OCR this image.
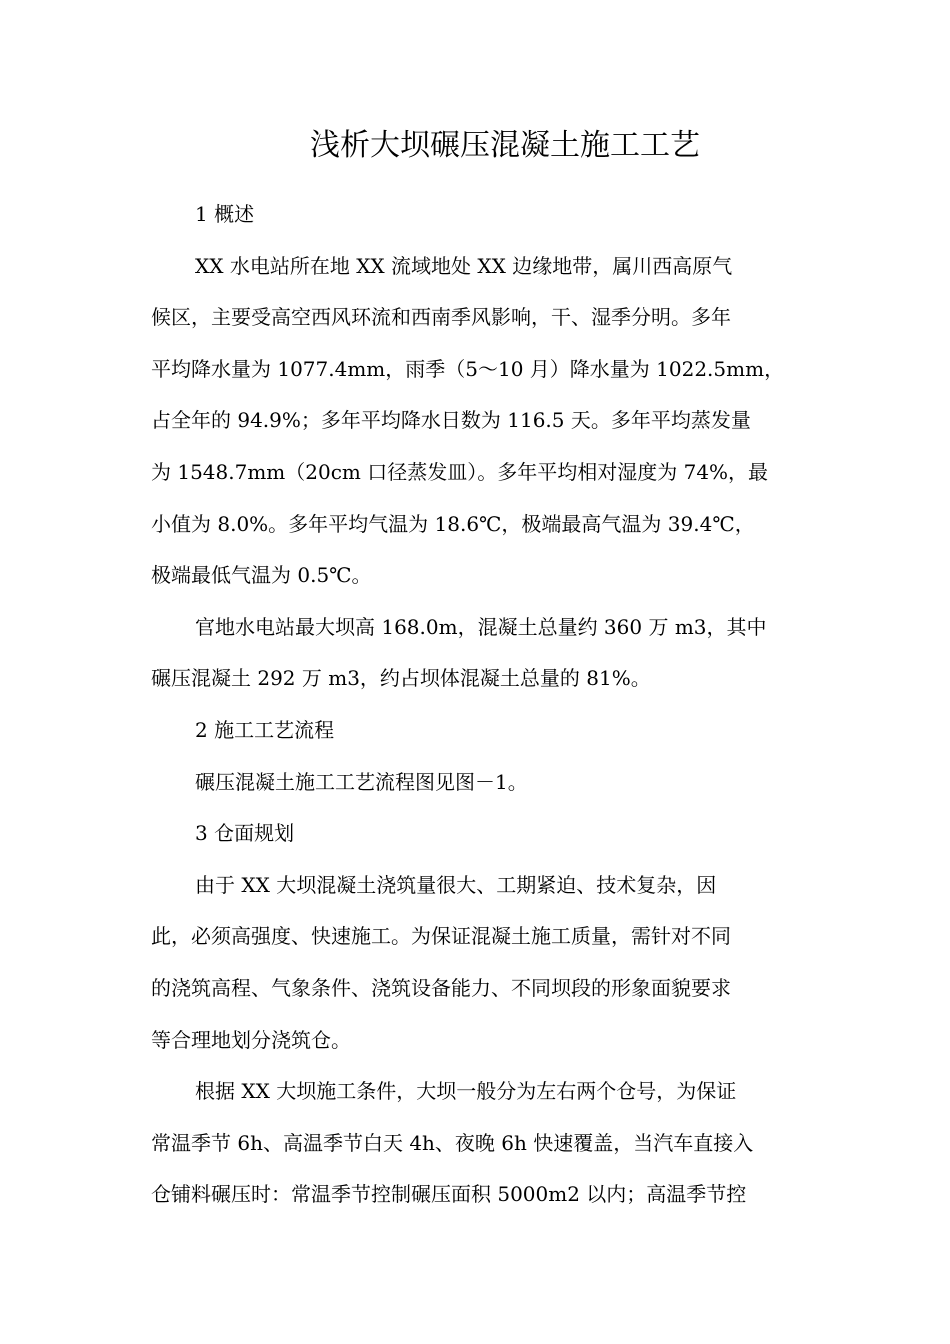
浅析大坝碾压混凝土施工工艺
1 概述
XX 水电站所在地 XX 流域地处 XX 边缘地带，属川西高原气
候区，主要受高空西风环流和西南季风影响，干、湿季分明。多年
平均降水量为 1077.4mm，雨季（5～10 月）降水量为 1022.5mm，
占全年的 94.9%；多年平均降水日数为 116.5 天。多年平均蒸发量
为 1548.7mm（20cm 口径蒸发皿）。多年平均相对湿度为 74%，最
小值为 8.0%。多年平均气温为 18.6℃，极端最高气温为 39.4℃，
极端最低气温为 0.5℃。
官地水电站最大坝高 168.0m，混凝土总量约 360 万 m3，其中
碾压混凝土 292 万 m3，约占坝体混凝土总量的 81%。
2 施工工艺流程
碾压混凝土施工工艺流程图见图－1。
3 仓面规划
由于 XX 大坝混凝土浇筑量很大、工期紧迫、技术复杂，因
此，必须高强度、快速施工。为保证混凝土施工质量，需针对不同
的浇筑高程、气象条件、浇筑设备能力、不同坝段的形象面貌要求
等合理地划分浇筑仓。
根据 XX 大坝施工条件，大坝一般分为左右两个仓号，为保证
常温季节 6h、高温季节白天 4h、夜晚 6h 快速覆盖，当汽车直接入
仓铺料碾压时：常温季节控制碾压面积 5000m2 以内；高温季节控
